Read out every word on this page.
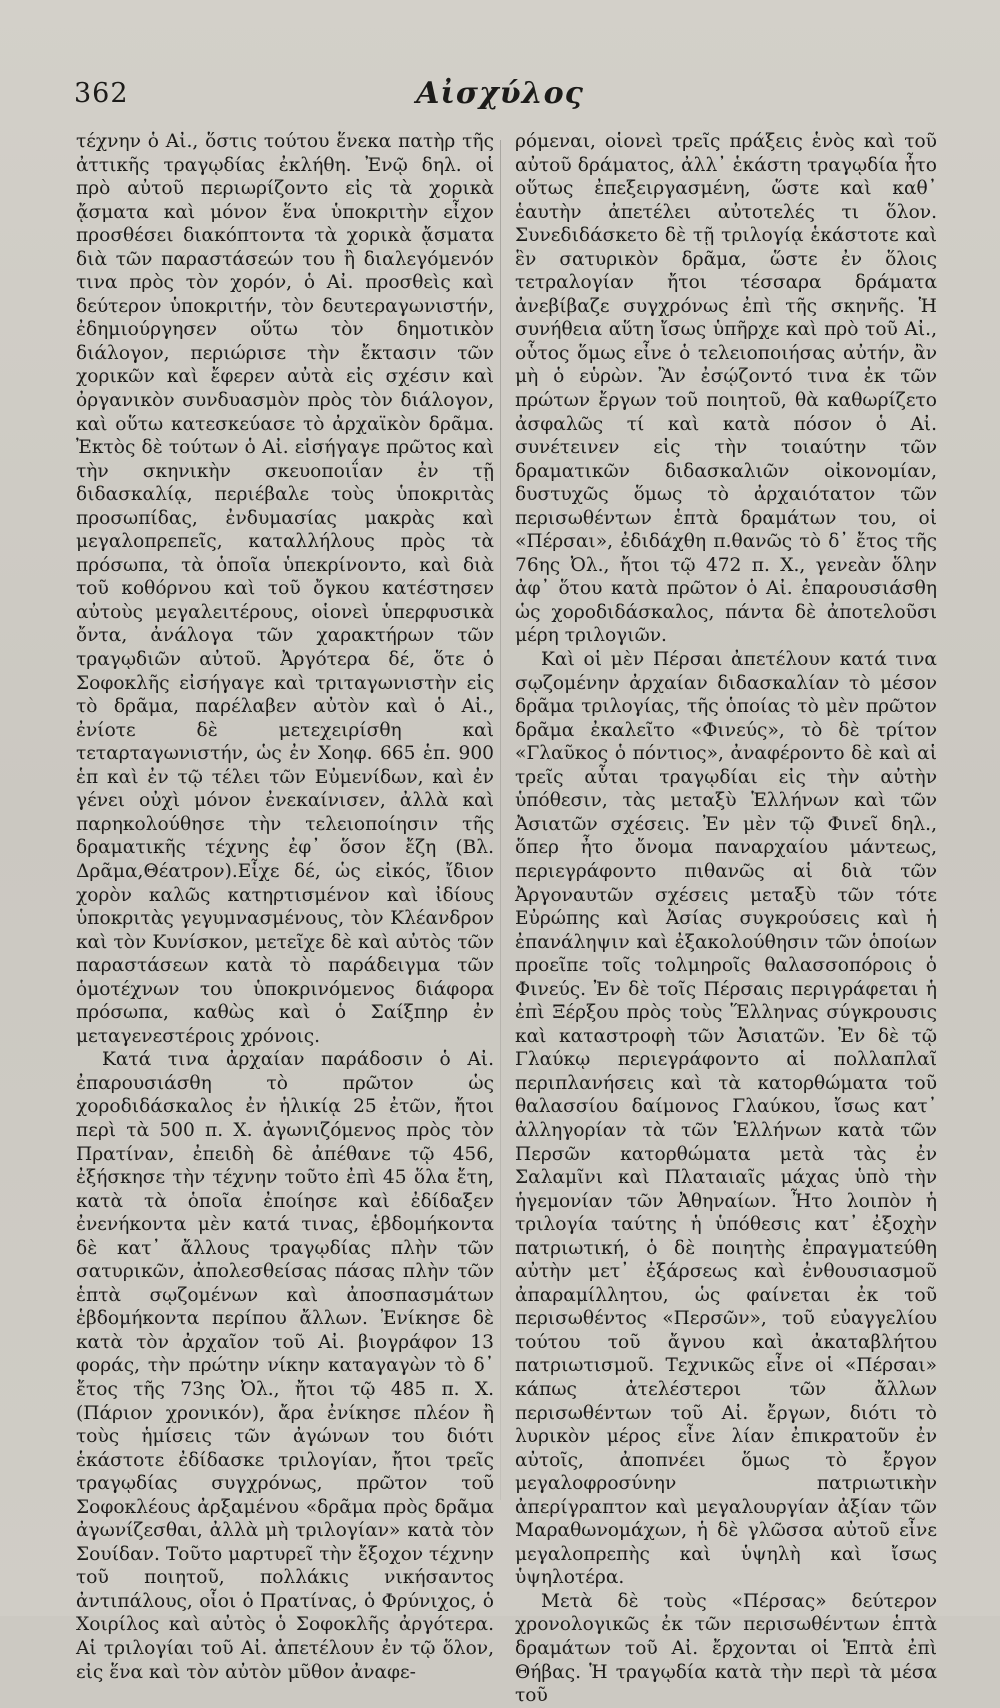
362	Αἰσχύλος

τέχνην ὁ Αἰ., ὅστις τούτου ἕνεκα πατὴρ τῆς ἀττικῆς τραγῳδίας ἐκλήθη. Ἐνῷ δηλ. οἱ πρὸ αὐτοῦ περιωρίζοντο εἰς τὰ χορικὰ ᾄσματα καὶ μόνον ἕνα ὑποκριτὴν εἶχον προσθέσει διακόπτοντα τὰ χορικὰ ᾄσματα διὰ τῶν παραστάσεών του ἢ διαλεγόμενόν τινα πρὸς τὸν χορόν, ὁ Αἰ. προσθεὶς καὶ δεύτερον ὑποκριτήν, τὸν δευτεραγωνιστήν, ἐδημιούργησεν οὕτω τὸν δημοτικὸν διάλογον, περιώρισε τὴν ἔκτασιν τῶν χορικῶν καὶ ἔφερεν αὐτὰ εἰς σχέσιν καὶ ὀργανικὸν συνδυασμὸν πρὸς τὸν διάλογον, καὶ οὕτω κατεσκεύασε τὸ ἀρχαϊκὸν δρᾶμα. Ἐκτὸς δὲ τούτων ὁ Αἰ. εἰσήγαγε πρῶτος καὶ τὴν σκηνικὴν σκευοποιΐαν ἐν τῇ διδασκαλίᾳ, περιέβαλε τοὺς ὑποκριτὰς προσωπίδας, ἐνδυμασίας μακρὰς καὶ μεγαλοπρεπεῖς, καταλλήλους πρὸς τὰ πρόσωπα, τὰ ὁποῖα ὑπεκρίνοντο, καὶ διὰ τοῦ κοθόρνου καὶ τοῦ ὄγκου κατέστησεν αὐτοὺς μεγαλειτέρους, οἱονεὶ ὑπερφυσικὰ ὄντα, ἀνάλογα τῶν χαρακτήρων τῶν τραγῳδιῶν αὐτοῦ. Ἀργότερα δέ, ὅτε ὁ Σοφοκλῆς εἰσήγαγε καὶ τριταγωνιστὴν εἰς τὸ δρᾶμα, παρέλαβεν αὐτὸν καὶ ὁ Αἰ., ἐνίοτε δὲ μετεχειρίσθη καὶ τεταρταγωνιστήν, ὡς ἐν Χοηφ. 665 ἑπ. 900 ἑπ καὶ ἐν τῷ τέλει τῶν Εὐμενίδων, καὶ ἐν γένει οὐχὶ μόνον ἐνεκαίνισεν, ἀλλὰ καὶ παρηκολούθησε τὴν τελειοποίησιν τῆς δραματικῆς τέχνης ἐφ᾽ ὅσον ἔζη (Βλ. Δρᾶμα,Θέατρον).Εἶχε δέ, ὡς εἰκός, ἴδιον χορὸν καλῶς κατηρτισμένον καὶ ἰδίους ὑποκριτὰς γεγυμνασμένους, τὸν Κλέανδρον καὶ τὸν Κυνίσκον, μετεῖχε δὲ καὶ αὐτὸς τῶν παραστάσεων κατὰ τὸ παράδειγμα τῶν ὁμοτέχνων του ὑποκρινόμενος διάφορα πρόσωπα, καθὼς καὶ ὁ Σαίξπηρ ἐν μεταγενεστέροις χρόνοις.

Κατά τινα ἀρχαίαν παράδοσιν ὁ Αἰ. ἐπαρουσιάσθη τὸ πρῶτον ὡς χοροδιδάσκαλος ἐν ἡλικίᾳ 25 ἐτῶν, ἤτοι περὶ τὰ 500 π. Χ. ἀγωνιζόμενος πρὸς τὸν Πρατίναν, ἐπειδὴ δὲ ἀπέθανε τῷ 456, ἐξήσκησε τὴν τέχνην τοῦτο ἐπὶ 45 ὅλα ἔτη, κατὰ τὰ ὁποῖα ἐποίησε καὶ ἐδίδαξεν ἐνενήκοντα μὲν κατά τινας, ἑβδομήκοντα δὲ κατ᾽ ἄλλους τραγῳδίας πλὴν τῶν σατυρικῶν, ἀπολεσθείσας πάσας πλὴν τῶν ἑπτὰ σῳζομένων καὶ ἀποσπασμάτων ἑβδομήκοντα περίπου ἄλλων. Ἐνίκησε δὲ κατὰ τὸν ἀρχαῖον τοῦ Αἰ. βιογράφον 13 φοράς, τὴν πρώτην νίκην καταγαγὼν τὸ δ᾽ ἔτος τῆς 73ης Ὀλ., ἤτοι τῷ 485 π. Χ. (Πάριον χρονικόν), ἄρα ἐνίκησε πλέον ἢ τοὺς ἡμίσεις τῶν ἀγώνων του διότι ἑκάστοτε ἐδίδασκε τριλογίαν, ἤτοι τρεῖς τραγῳδίας συγχρόνως, πρῶτον τοῦ Σοφοκλέους ἀρξαμένου «δρᾶμα πρὸς δρᾶμα ἀγωνίζεσθαι, ἀλλὰ μὴ τριλογίαν» κατὰ τὸν Σουίδαν. Τοῦτο μαρτυρεῖ τὴν ἔξοχον τέχνην τοῦ ποιητοῦ, πολλάκις νικήσαντος ἀντιπάλους, οἷοι ὁ Πρατίνας, ὁ Φρύνιχος, ὁ Χοιρίλος καὶ αὐτὸς ὁ Σοφοκλῆς ἀργότερα. Αἱ τριλογίαι τοῦ Αἰ. ἀπετέλουν ἐν τῷ ὅλον, εἰς ἕνα καὶ τὸν αὐτὸν μῦθον ἀναφε-

ρόμεναι, οἱονεὶ τρεῖς πράξεις ἑνὸς καὶ τοῦ αὐτοῦ δράματος, ἀλλ᾽ ἑκάστη τραγῳδία ἦτο οὕτως ἐπεξειργασμένη, ὥστε καὶ καθ᾽ ἑαυτὴν ἀπετέλει αὐτοτελές τι ὅλον. Συνεδιδάσκετο δὲ τῇ τριλογίᾳ ἑκάστοτε καὶ ἓν σατυρικὸν δρᾶμα, ὥστε ἐν ὅλοις τετραλογίαν ἤτοι τέσσαρα δράματα ἀνεβίβαζε συγχρόνως ἐπὶ τῆς σκηνῆς. Ἡ συνήθεια αὕτη ἴσως ὑπῆρχε καὶ πρὸ τοῦ Αἰ., οὗτος ὅμως εἶνε ὁ τελειοποιήσας αὐτήν, ἂν μὴ ὁ εὑρὼν. Ἂν ἐσῴζοντό τινα ἐκ τῶν πρώτων ἔργων τοῦ ποιητοῦ, θὰ καθωρίζετο ἀσφαλῶς τί καὶ κατὰ πόσον ὁ Αἰ. συνέτεινεν εἰς τὴν τοιαύτην τῶν δραματικῶν διδασκαλιῶν οἰκονομίαν, δυστυχῶς ὅμως τὸ ἀρχαιότατον τῶν περισωθέντων ἑπτὰ δραμάτων του, οἱ «Πέρσαι», ἐδιδάχθη π.θανῶς τὸ δ᾽ ἔτος τῆς 76ης Ὀλ., ἤτοι τῷ 472 π. Χ., γενεὰν ὅλην ἀφ᾽ ὅτου κατὰ πρῶτον ὁ Αἰ. ἐπαρουσιάσθη ὡς χοροδιδάσκαλος, πάντα δὲ ἀποτελοῦσι μέρη τριλογιῶν.

Καὶ οἱ μὲν Πέρσαι ἀπετέλουν κατά τινα σῳζομένην ἀρχαίαν διδασκαλίαν τὸ μέσον δρᾶμα τριλογίας, τῆς ὁποίας τὸ μὲν πρῶτον δρᾶμα ἐκαλεῖτο «Φινεύς», τὸ δὲ τρίτον «Γλαῦκος ὁ πόντιος», ἀναφέροντο δὲ καὶ αἱ τρεῖς αὗται τραγῳδίαι εἰς τὴν αὐτὴν ὑπόθεσιν, τὰς μεταξὺ Ἑλλήνων καὶ τῶν Ἀσιατῶν σχέσεις. Ἐν μὲν τῷ Φινεῖ δηλ., ὅπερ ἦτο ὄνομα παναρχαίου μάντεως, περιεγράφοντο πιθανῶς αἱ διὰ τῶν Ἀργοναυτῶν σχέσεις μεταξὺ τῶν τότε Εὐρώπης καὶ Ἀσίας συγκρούσεις καὶ ἡ ἐπανάληψιν καὶ ἐξακολούθησιν τῶν ὁποίων προεῖπε τοῖς τολμηροῖς θαλασσοπόροις ὁ Φινεύς. Ἐν δὲ τοῖς Πέρσαις περιγράφεται ἡ ἐπὶ Ξέρξου πρὸς τοὺς Ἕλληνας σύγκρουσις καὶ καταστροφὴ τῶν Ἀσιατῶν. Ἐν δὲ τῷ Γλαύκῳ περιεγράφοντο αἱ πολλαπλαῖ περιπλανήσεις καὶ τὰ κατορθώματα τοῦ θαλασσίου δαίμονος Γλαύκου, ἴσως κατ᾽ ἀλληγορίαν τὰ τῶν Ἑλλήνων κατὰ τῶν Περσῶν κατορθώματα μετὰ τὰς ἐν Σαλαμῖνι καὶ Πλαταιαῖς μάχας ὑπὸ τὴν ἡγεμονίαν τῶν Ἀθηναίων. Ἦτο λοιπὸν ἡ τριλογία ταύτης ἡ ὑπόθεσις κατ᾽ ἐξοχὴν πατριωτική, ὁ δὲ ποιητὴς ἐπραγματεύθη αὐτὴν μετ᾽ ἐξάρσεως καὶ ἐνθουσιασμοῦ ἀπαραμίλλητου, ὡς φαίνεται ἐκ τοῦ περισωθέντος «Περσῶν», τοῦ εὐαγγελίου τούτου τοῦ ἄγνου καὶ ἀκαταβλήτου πατριωτισμοῦ. Τεχνικῶς εἶνε οἱ «Πέρσαι» κάπως ἀτελέστεροι τῶν ἄλλων περισωθέντων τοῦ Αἰ. ἔργων, διότι τὸ λυρικὸν μέρος εἶνε λίαν ἐπικρατοῦν ἐν αὐτοῖς, ἀποπνέει ὅμως τὸ ἔργον μεγαλοφροσύνην πατριωτικὴν ἀπερίγραπτον καὶ μεγαλουργίαν ἀξίαν τῶν Μαραθωνομάχων, ἡ δὲ γλῶσσα αὐτοῦ εἶνε μεγαλοπρεπὴς καὶ ὑψηλὴ καὶ ἴσως ὑψηλοτέρα.

Μετὰ δὲ τοὺς «Πέρσας» δεύτερον χρονολογικῶς ἐκ τῶν περισωθέντων ἑπτὰ δραμάτων τοῦ Αἰ. ἔρχονται οἱ Ἑπτὰ ἐπὶ Θήβας. Ἡ τραγῳδία κατὰ τὴν περὶ τὰ μέσα τοῦ
